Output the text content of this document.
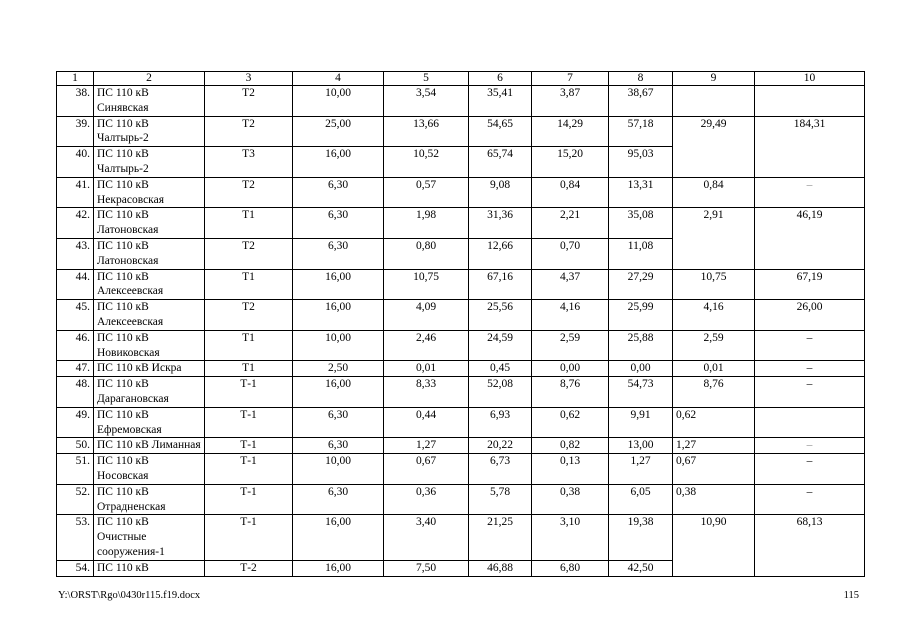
1	2	3	4	5	6	7	8	9	10
38.	ПС 110 кВ Синявская	Т2	10,00	3,54	35,41	3,87	38,67		
39.	ПС 110 кВ Чалтырь-2	Т2	25,00	13,66	54,65	14,29	57,18	29,49	184,31
40.	ПС 110 кВ Чалтырь-2	Т3	16,00	10,52	65,74	15,20	95,03		
41.	ПС 110 кВ Некрасовская	Т2	6,30	0,57	9,08	0,84	13,31	0,84	–
42.	ПС 110 кВ Латоновская	Т1	6,30	1,98	31,36	2,21	35,08	2,91	46,19
43.	ПС 110 кВ Латоновская	Т2	6,30	0,80	12,66	0,70	11,08		
44.	ПС 110 кВ Алексеевская	Т1	16,00	10,75	67,16	4,37	27,29	10,75	67,19
45.	ПС 110 кВ Алексеевская	Т2	16,00	4,09	25,56	4,16	25,99	4,16	26,00
46.	ПС 110 кВ Новиковская	Т1	10,00	2,46	24,59	2,59	25,88	2,59	–
47.	ПС 110 кВ Искра	Т1	2,50	0,01	0,45	0,00	0,00	0,01	–
48.	ПС 110 кВ Дарагановская	Т-1	16,00	8,33	52,08	8,76	54,73	8,76	–
49.	ПС 110 кВ Ефремовская	Т-1	6,30	0,44	6,93	0,62	9,91	0,62	
50.	ПС 110 кВ Лиманная	Т-1	6,30	1,27	20,22	0,82	13,00	1,27	–
51.	ПС 110 кВ Носовская	Т-1	10,00	0,67	6,73	0,13	1,27	0,67	–
52.	ПС 110 кВ Отрадненская	Т-1	6,30	0,36	5,78	0,38	6,05	0,38	–
53.	ПС 110 кВ Очистные сооружения-1	Т-1	16,00	3,40	21,25	3,10	19,38	10,90	68,13
54.	ПС 110 кВ	Т-2	16,00	7,50	46,88	6,80	42,50		
Y:\ORST\Rgo\0430r115.f19.docx	115
